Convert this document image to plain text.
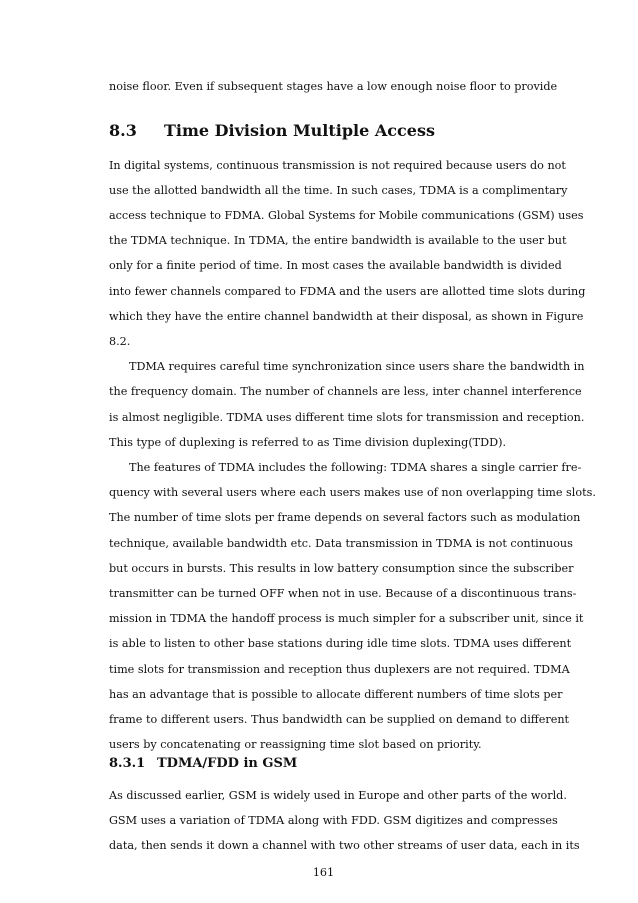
noise floor. Even if subsequent stages have a low enough noise floor to provide
8.3 Time Division Multiple Access
In digital systems, continuous transmission is not required because users do not
use the allotted bandwidth all the time. In such cases, TDMA is a complimentary
access technique to FDMA. Global Systems for Mobile communications (GSM) uses
the TDMA technique. In TDMA, the entire bandwidth is available to the user but
only for a finite period of time. In most cases the available bandwidth is divided
into fewer channels compared to FDMA and the users are allotted time slots during
which they have the entire channel bandwidth at their disposal, as shown in Figure
8.2.
TDMA requires careful time synchronization since users share the bandwidth in
the frequency domain. The number of channels are less, inter channel interference
is almost negligible. TDMA uses different time slots for transmission and reception.
This type of duplexing is referred to as Time division duplexing(TDD).
The features of TDMA includes the following: TDMA shares a single carrier fre-
quency with several users where each users makes use of non overlapping time slots.
The number of time slots per frame depends on several factors such as modulation
technique, available bandwidth etc. Data transmission in TDMA is not continuous
but occurs in bursts. This results in low battery consumption since the subscriber
transmitter can be turned OFF when not in use. Because of a discontinuous trans-
mission in TDMA the handoff process is much simpler for a subscriber unit, since it
is able to listen to other base stations during idle time slots. TDMA uses different
time slots for transmission and reception thus duplexers are not required. TDMA
has an advantage that is possible to allocate different numbers of time slots per
frame to different users. Thus bandwidth can be supplied on demand to different
users by concatenating or reassigning time slot based on priority.
8.3.1 TDMA/FDD in GSM
As discussed earlier, GSM is widely used in Europe and other parts of the world.
GSM uses a variation of TDMA along with FDD. GSM digitizes and compresses
data, then sends it down a channel with two other streams of user data, each in its
161
